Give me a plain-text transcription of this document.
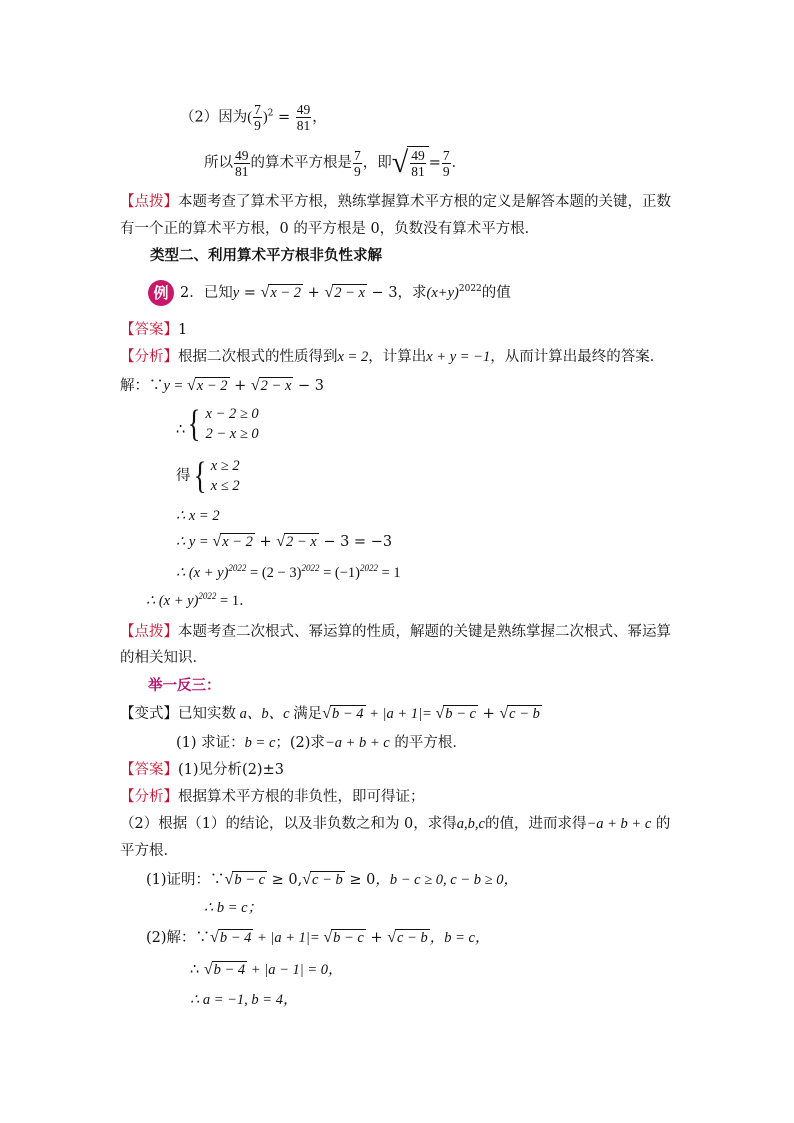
（2）因为( $\frac{7}{9} )^2 = \frac{49}{81}$ ，
所以 $\frac{49}{81}$ 的算术平方根是 $\frac{7}{9}$ ，即 √ $\frac{49}{81} = \frac{7}{9}$ ．
【点拨】本题考查了算术平方根，熟练掌握算术平方根的定义是解答本题的关键，正数
有一个正的算术平方根，0 的平方根是 0，负数没有算术平方根．
类型二、利用算术平方根非负性求解
例 2．已知y = √ x − 2 + √ 2 − x − 3，求$(x+y)^{2022}$的值
【答案】1
【分析】根据二次根式的性质得到x = 2，计算出x + y = −1，从而计算出最终的答案．
解：∵y = √ x − 2 + √ 2 − x − 3
∴ { x − 2 ≥ 0
2 − x ≥ 0
得 { x ≥ 2
x ≤ 2
∴ x = 2
∴ y = √ x − 2 + √ 2 − x − 3 = −3
∴ $(x + y)^{2022} = (2 - 3)^{2022} = (-1)^{2022} = 1$
∴ $(x + y)^{2022} = 1$．
【点拨】本题考查二次根式、幂运算的性质，解题的关键是熟练掌握二次根式、幂运算
的相关知识．
举一反三：
【变式】已知实数 a、b、c 满足 √ b − 4 + |a + 1|= √ b − c + √ c − b
(1) 求证：b = c；(2)求−a + b + c 的平方根．
【答案】(1)见分析(2)±3
【分析】根据算术平方根的非负性，即可得证；
（2）根据（1）的结论，以及非负数之和为 0，求得a,b,c的值，进而求得−a + b + c 的
平方根．
(1)证明：∵ √ b − c ≥ 0, √ c − b ≥ 0，b − c ≥ 0, c − b ≥ 0，
∴ b = c；
(2)解：∵ √ b − 4 + |a + 1|= √ b − c + √ c − b ，b = c，
∴ √ b − 4 + |a − 1| = 0，
∴ a = −1, b = 4，
